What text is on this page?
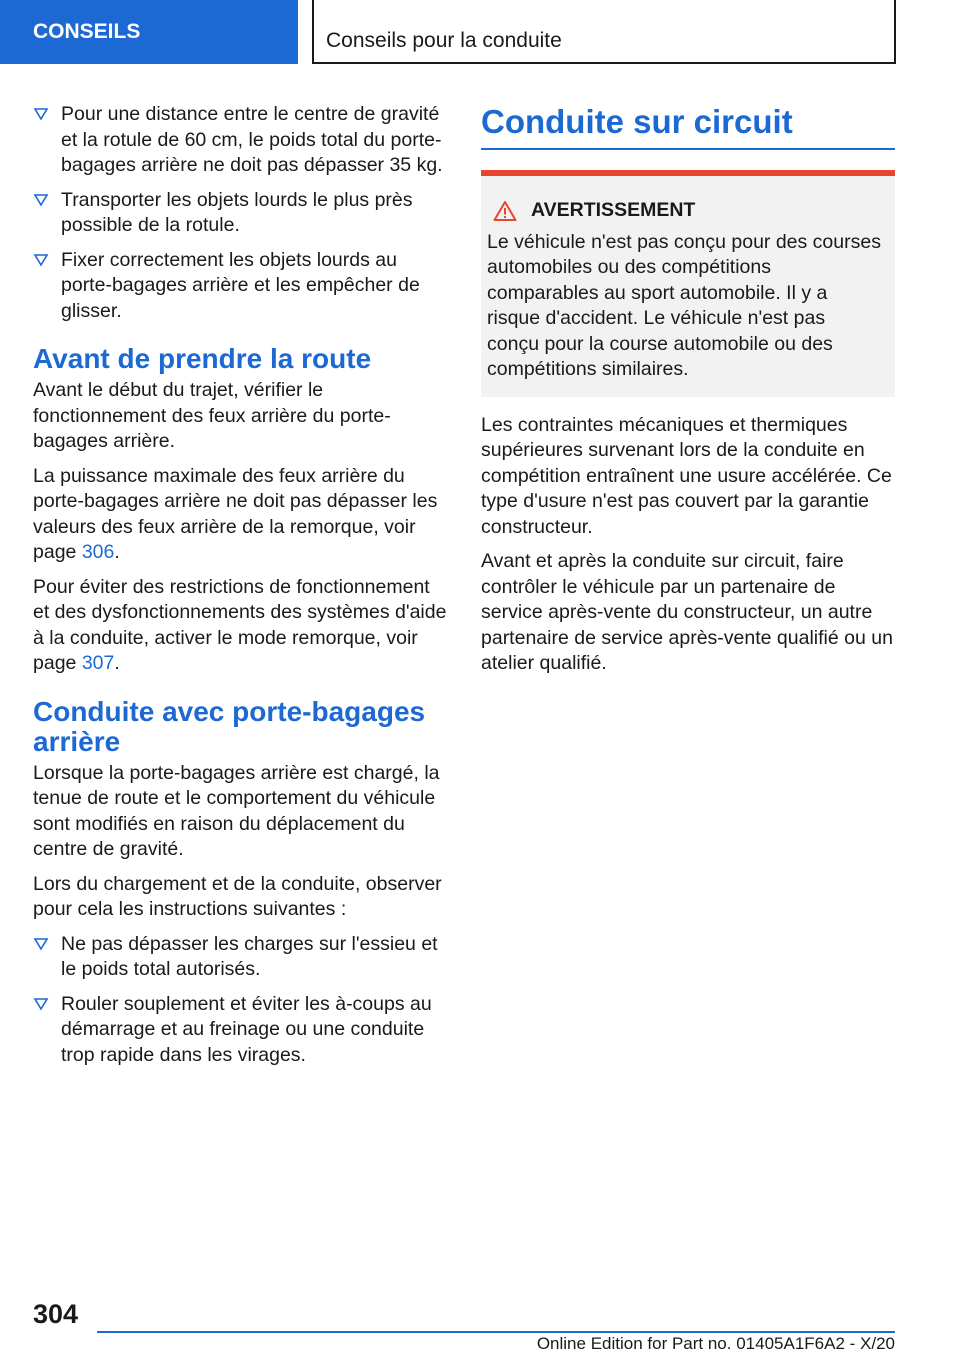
CONSEILS	Conseils pour la conduite
Pour une distance entre le centre de gravité et la rotule de 60 cm, le poids total du porte-bagages arrière ne doit pas dépasser 35 kg.
Transporter les objets lourds le plus près possible de la rotule.
Fixer correctement les objets lourds au porte-bagages arrière et les empêcher de glisser.
Avant de prendre la route

Avant le début du trajet, vérifier le fonctionnement des feux arrière du porte-bagages arrière.

La puissance maximale des feux arrière du porte-bagages arrière ne doit pas dépasser les valeurs des feux arrière de la remorque, voir page 306.

Pour éviter des restrictions de fonctionnement et des dysfonctionnements des systèmes d'aide à la conduite, activer le mode remorque, voir page 307.

Conduite avec porte-bagages arrière

Lorsque la porte-bagages arrière est chargé, la tenue de route et le comportement du véhicule sont modifiés en raison du déplacement du centre de gravité.

Lors du chargement et de la conduite, observer pour cela les instructions suivantes :

Ne pas dépasser les charges sur l'essieu et le poids total autorisés.
Rouler souplement et éviter les à-coups au démarrage et au freinage ou une conduite trop rapide dans les virages.
Conduite sur circuit
AVERTISSEMENT
Le véhicule n'est pas conçu pour des courses automobiles ou des compétitions comparables au sport automobile. Il y a risque d'accident. Le véhicule n'est pas conçu pour la course automobile ou des compétitions similaires.

Les contraintes mécaniques et thermiques supérieures survenant lors de la conduite en compétition entraînent une usure accélérée. Ce type d'usure n'est pas couvert par la garantie constructeur.

Avant et après la conduite sur circuit, faire contrôler le véhicule par un partenaire de service après-vente du constructeur, un autre partenaire de service après-vente qualifié ou un atelier qualifié.

304
Online Edition for Part no. 01405A1F6A2 - X/20
